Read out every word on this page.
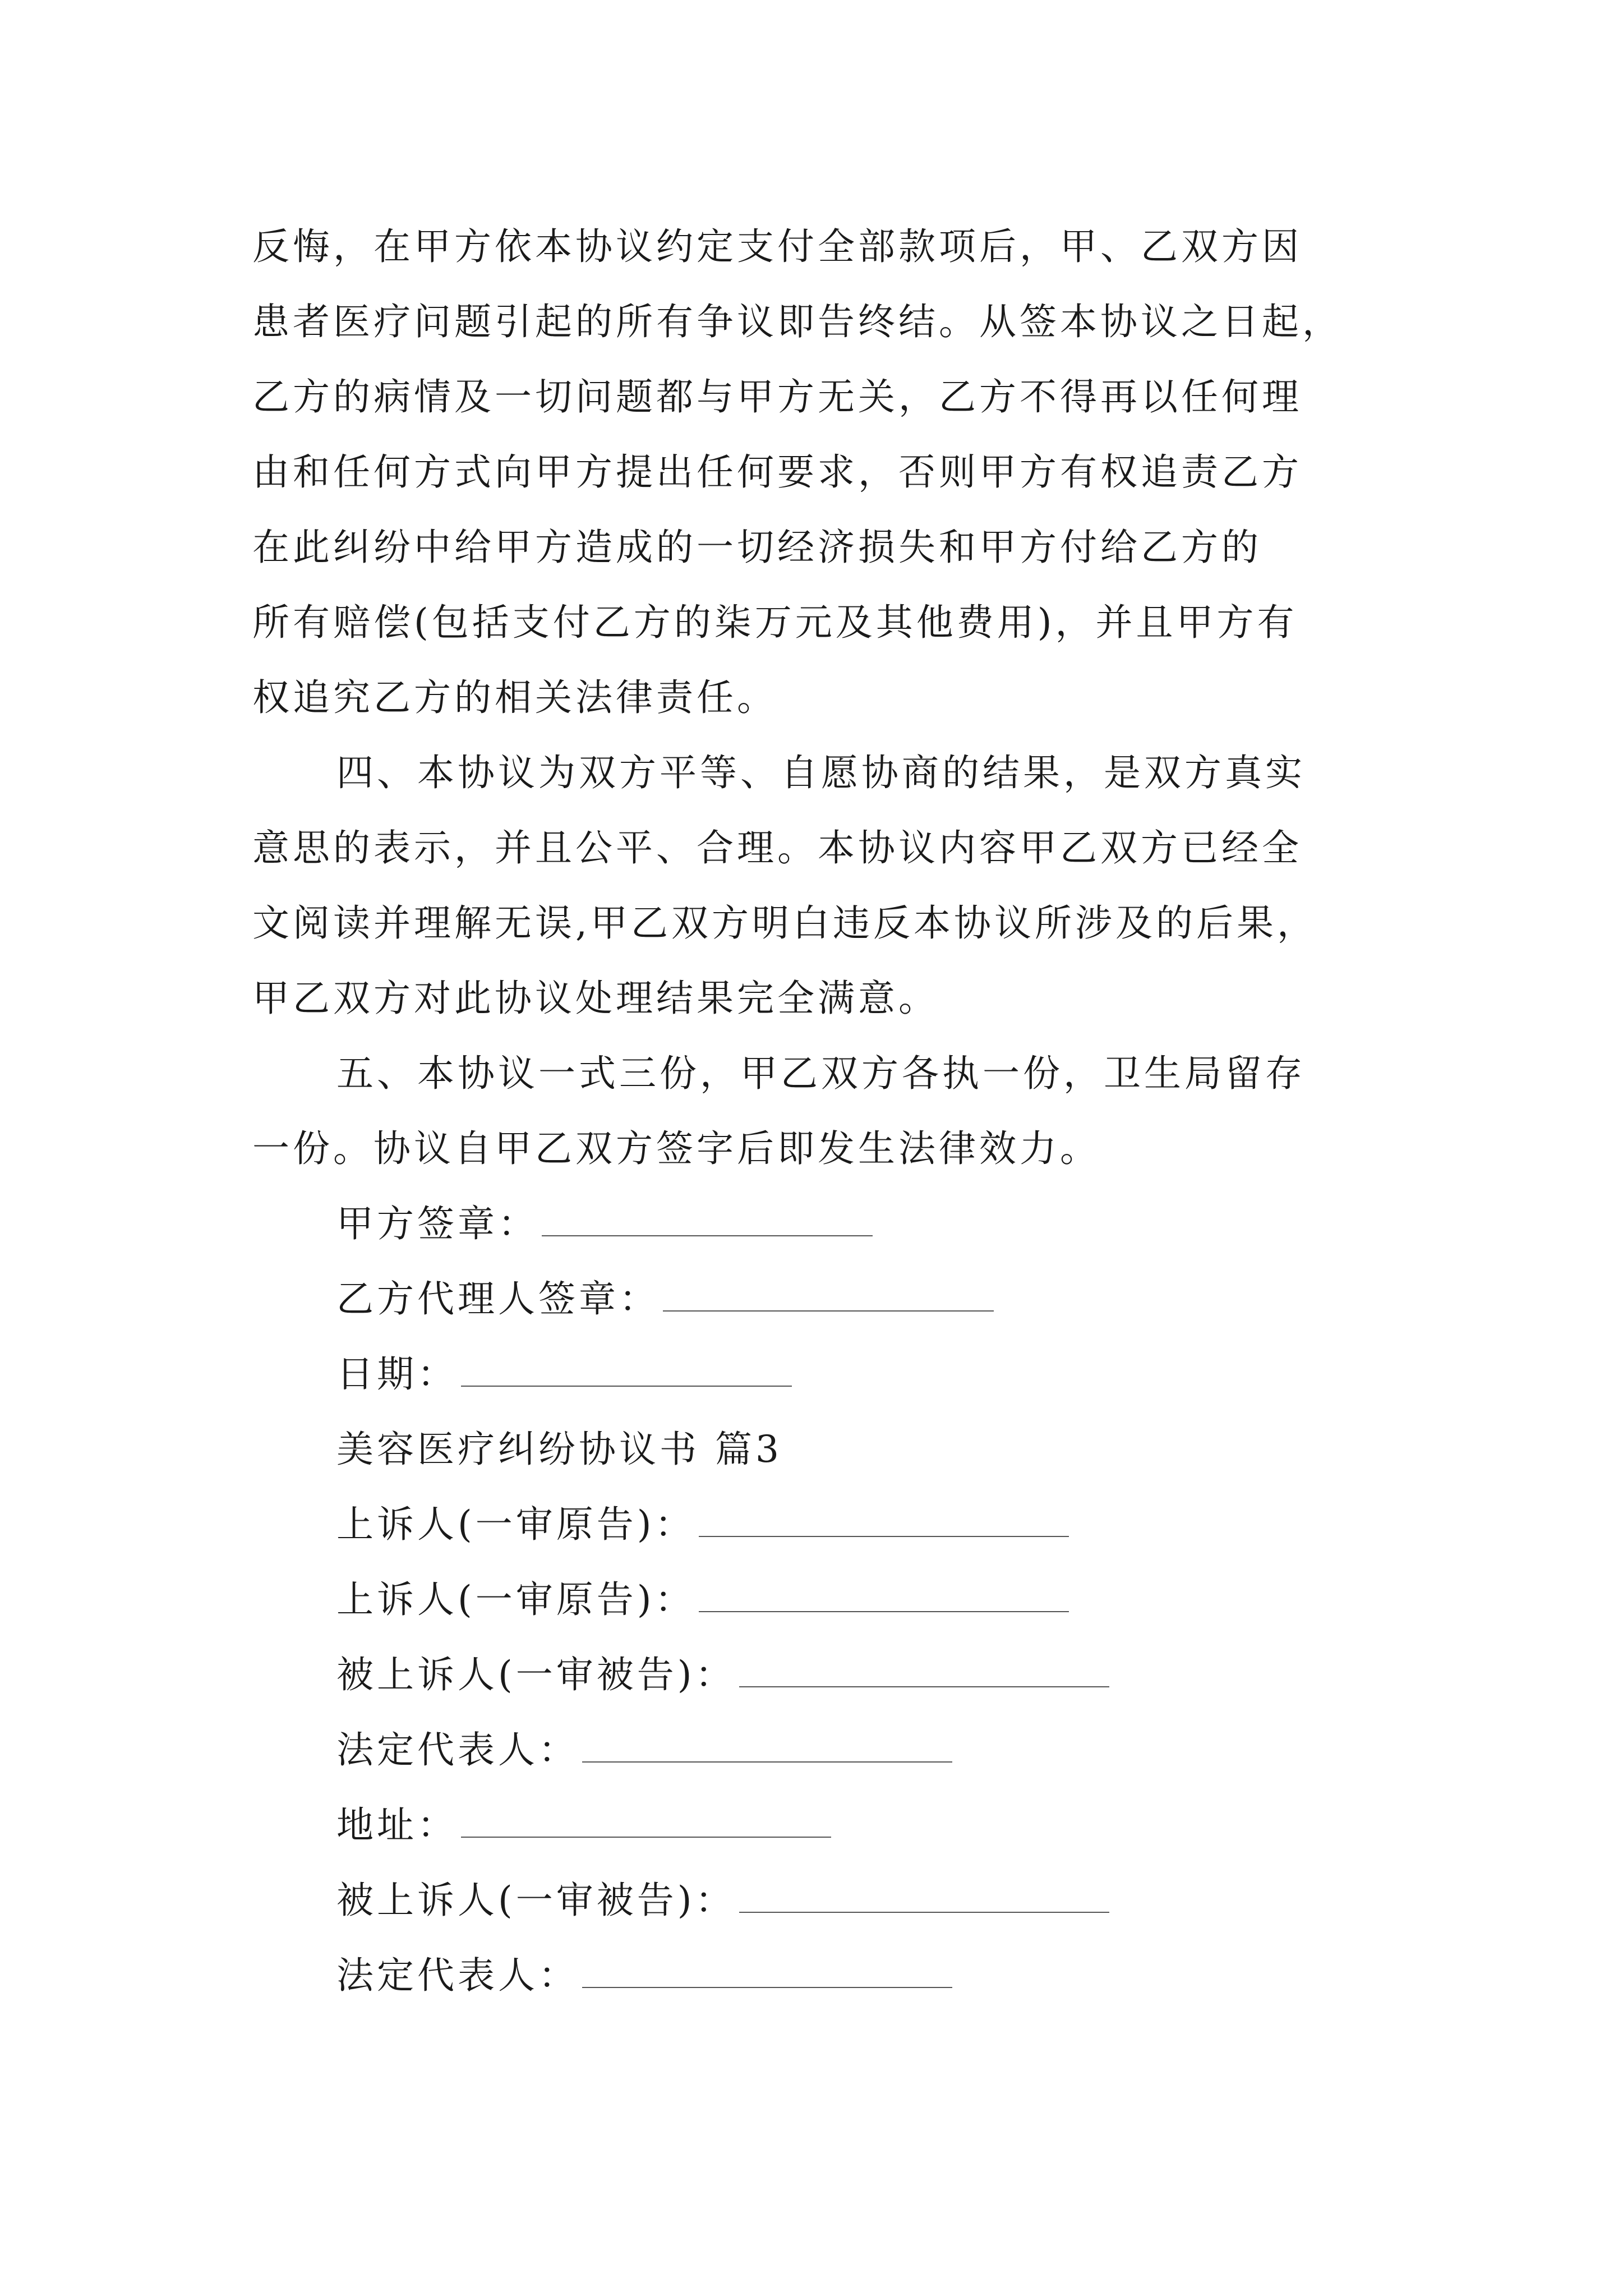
反悔，在甲方依本协议约定支付全部款项后，甲、乙双方因
患者医疗问题引起的所有争议即告终结。从签本协议之日起，
乙方的病情及一切问题都与甲方无关，乙方不得再以任何理
由和任何方式向甲方提出任何要求，否则甲方有权追责乙方
在此纠纷中给甲方造成的一切经济损失和甲方付给乙方的
所有赔偿(包括支付乙方的柒万元及其他费用)，并且甲方有
权追究乙方的相关法律责任。
四、本协议为双方平等、自愿协商的结果，是双方真实
意思的表示，并且公平、合理。本协议内容甲乙双方已经全
文阅读并理解无误,甲乙双方明白违反本协议所涉及的后果，
甲乙双方对此协议处理结果完全满意。
五、本协议一式三份，甲乙双方各执一份，卫生局留存
一份。协议自甲乙双方签字后即发生法律效力。
甲方签章：
乙方代理人签章：
日期：
美容医疗纠纷协议书 篇3
上诉人(一审原告)：
上诉人(一审原告)：
被上诉人(一审被告)：
法定代表人：
地址：
被上诉人(一审被告)：
法定代表人：
